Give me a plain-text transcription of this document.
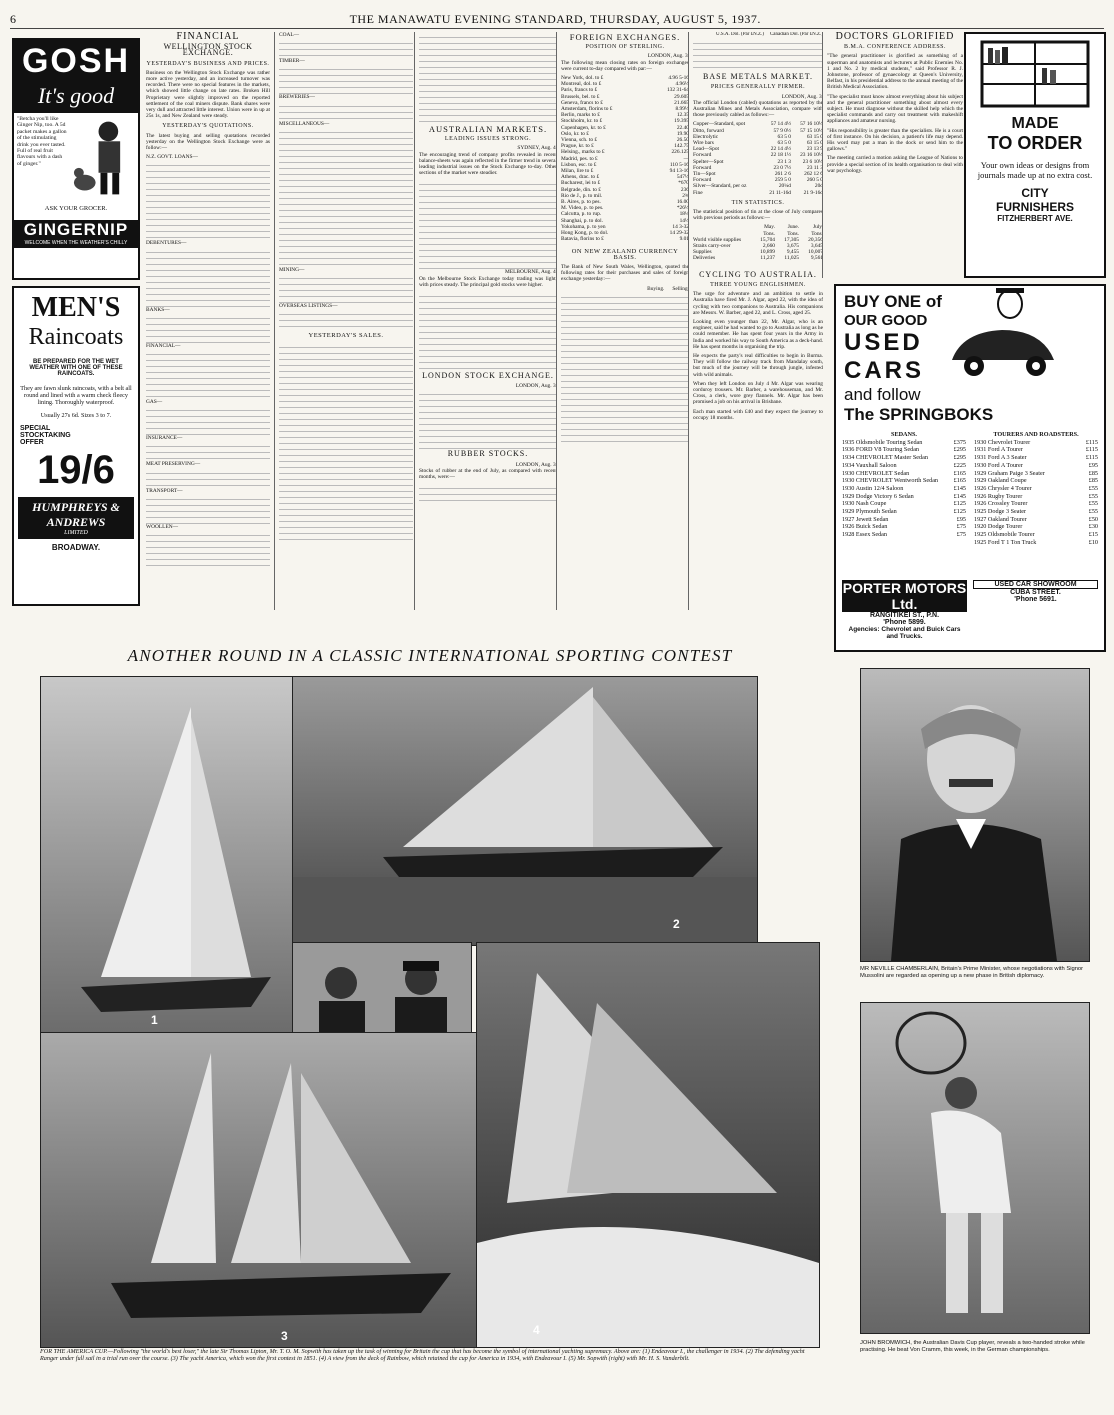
6	THE MANAWATU EVENING STANDARD, THURSDAY, AUGUST 5, 1937.
GOSH
It's good
"Betcha you'll like Ginger Nip, too. A 5d packet makes a gallon of the stimulating drink you ever tasted. Full of real fruit flavours with a dash of ginger."
ASK YOUR GROCER.
GINGERNIP
WELCOME WHEN THE WEATHER'S CHILLY
MEN'S
Raincoats
BE PREPARED FOR THE WET WEATHER WITH ONE OF THESE RAINCOATS.
They are fawn slunk raincoats, with a belt all round and lined with a warm check fleecy lining. Thoroughly waterproof.
Usually 27s 6d. Sizes 3 to 7.
SPECIAL STOCKTAKING OFFER
19/6
HUMPHREYS & ANDREWS
LIMITED
BROADWAY.
FINANCIAL
WELLINGTON STOCK EXCHANGE.
YESTERDAY'S BUSINESS AND PRICES.

Business on the Wellington Stock Exchange was rather more active yesterday, and an increased turnover was recorded. There were no special features in the markets, which showed little change on late rates. Broken Hill Proprietary were slightly improved on the reported settlement of the coal miners dispute. Bank shares were very dull and attracted little interest. Union were in up at 25s 1s, and New Zealand were steady.

YESTERDAY'S QUOTATIONS.

The latest buying and selling quotations recorded yesterday on the Wellington Stock Exchange were as follow:—

N.Z. GOVT. LOANS—
DEBENTURES—
BANKS—
FINANCIAL—
GAS—
INSURANCE—
MEAT PRESERVING—
TRANSPORT—
WOOLLEN—
COAL—
TIMBER—
BREWERIES—
MISCELLANEOUS—
MINING—
OVERSEAS LISTINGS—
YESTERDAY'S SALES.
AUSTRALIAN MARKETS.
LEADING ISSUES STRONG.
SYDNEY, Aug. 4.

The encouraging trend of company profits revealed in recent balance-sheets was again reflected in the firmer trend in several leading industrial issues on the Stock Exchange to-day. Other sections of the market were steadier.

MELBOURNE, Aug. 4.

On the Melbourne Stock Exchange today trading was light, with prices steady. The principal gold stocks were higher.

LONDON STOCK EXCHANGE.
LONDON, Aug. 3.
RUBBER STOCKS.
LONDON, Aug. 3.

Stocks of rubber at the end of July, as compared with recent months, were:—

FOREIGN EXCHANGES.
POSITION OF STERLING.
LONDON, Aug. 3.

The following mean closing rates on foreign exchanges were current to-day compared with par:—

New York, dol. to £	4.96 5-16
Montreal, dol. to £	4.96½
Paris, francs to £	132 31-64
Brussels, bel. to £	29.605
Geneva, francs to £	21.665
Amsterdam, florins to £	8.99½
Berlin, marks to £	12.35
Stockholm, kr. to £	19.395
Copenhagen, kr. to £	22.40
Oslo, kr. to £	19.90
Vienna, sch. to £	26.50
Prague, kr. to £	142.75
Helsing., marks to £	226.125
Madrid, pes. to £	—
Lisbon, esc. to £	110 5-16
Milan, lire to £	94 13-16
Athens, drac. to £	547½
Bucharest, lei to £	*670
Belgrade, din. to £	236
Rio de J., p. to mil.	2¾
B. Aires, p. to pes.	16.00
M. Video, p. to pes.	*26½
Calcutta, p. to rup.	18¼
Shanghai, p. to dol.	14½
Yokohama, p. to yen	14 3-32
Hong Kong, p. to dol.	14 29-32
Batavia, florins to £	9.01
ON NEW ZEALAND CURRENCY BASIS.

The Bank of New South Wales, Wellington, quoted the following rates for their purchases and sales of foreign exchange yesterday:—

Buying. Selling.
U.S.A. Dol. (Par £N.Z.) Canadian Dol. (Par £N.Z.)
BASE METALS MARKET.
PRICES GENERALLY FIRMER.
LONDON, Aug. 3.

The official London (cabled) quotations as reported by the Australian Mines and Metals Association, compare with those previously cabled as follows:—

Copper—Standard, spot	57 14 4½	57 16 10½
Ditto, forward	57 9 0½	57 15 10½
Electrolytic	63 5 0	63 15 0
Wire bars	63 5 0	63 15 0
Lead—Spot	22 14 4½	23 13 9
Forward	22 18 1½	23 16 10½
Spelter—Spot	23 1 3	23 6 10½
Forward	23 0 7½	23 11 3
Tin—Spot	261 2 6	262 12 6
Forward	259 5 0	260 5 0
Silver—Standard, per oz	20¼d	20d
Fine	21 11-16d	21 9-16d
TIN STATISTICS.

The statistical position of tin at the close of July compares with previous periods as follows:—

May. Tons.
June. Tons.
July. Tons.
World visible supplies	15,704	17,305	20,356
Straits carry-over	2,660	3,675	3,645
Supplies	10,899	9,455	10,007
Deliveries	11,237	11,025	9,561
CYCLING TO AUSTRALIA.
THREE YOUNG ENGLISHMEN.

The urge for adventure and an ambition to settle in Australia have fired Mr. J. Algar, aged 22, with the idea of cycling with two companions to Australia. His companions are Messrs. W. Barber, aged 22, and L. Cross, aged 25.

Looking even younger than 22, Mr. Algar, who is an engineer, said he had wanted to go to Australia as long as he could remember. He has spent four years in the Army in India and worked his way to South America as a deck-hand. He has spent months in organising the trip.

He expects the party's real difficulties to begin in Burma. They will follow the railway track from Mandalay south, but much of the journey will be through jungle, infested with wild animals.

When they left London on July 4 Mr. Algar was wearing corduroy trousers. Mr. Barber, a warehouseman, and Mr. Cross, a clerk, wore grey flannels. Mr. Algar has been promised a job on his arrival in Brisbane.

Each man started with £40 and they expect the journey to occupy 18 months.

DOCTORS GLORIFIED
B.M.A. CONFERENCE ADDRESS.

"The general practitioner is glorified as something of a superman and anatomists and lecturers at Public Enemies No. 1 and No. 2 by medical students," said Professor R. J. Johnstone, professor of gynaecology at Queen's University, Belfast, in his presidential address to the annual meeting of the British Medical Association.

"The specialist must know almost everything about his subject and the general practitioner something about almost every subject. He must diagnose without the skilled help which the specialist commands and carry out treatment with makeshift appliances and amateur nursing.

"His responsibility is greater than the specialists. He is a court of first instance. On his decision, a patient's life may depend. His word may put a man in the dock or send him to the gallows."

The meeting carried a motion asking the League of Nations to provide a special section of its health organisation to deal with war psychology.

MADE
TO ORDER
Your own ideas or designs from journals made up at no extra cost.
CITY
FURNISHERS
FITZHERBERT AVE.
BUY ONE of
OUR GOOD
USED
CARS
and follow
The SPRINGBOKS
SEDANS.
1935 Oldsmobile Touring Sedan	£375
1936 FORD V8 Touring Sedan	£295
1934 CHEVROLET Master Sedan	£295
1934 Vauxhall Saloon	£225
1930 CHEVROLET Sedan	£165
1930 CHEVROLET Wentworth Sedan	£165
1930 Austin 12/4 Saloon	£145
1929 Dodge Victory 6 Sedan	£145
1930 Nash Coupe	£125
1929 Plymouth Sedan	£125
1927 Jewett Sedan	£95
1926 Buick Sedan	£75
1928 Essex Sedan	£75
TOURERS AND ROADSTERS.
1930 Chevrolet Tourer	£115
1931 Ford A Tourer	£115
1931 Ford A 3 Seater	£115
1930 Ford A Tourer	£95
1929 Graham Paige 3 Seater	£85
1929 Oakland Coupe	£85
1926 Chrysler 4 Tourer	£55
1926 Rugby Tourer	£55
1926 Crossley Tourer	£55
1925 Dodge 3 Seater	£55
1927 Oakland Tourer	£50
1920 Dodge Tourer	£30
1925 Oldsmobile Tourer	£15
1925 Ford T 1 Ton Truck	£10
PORTER MOTORS Ltd.
RANGITIKEI ST., P.N.
'Phone 5899.
Agencies: Chevrolet and Buick Cars and Trucks.
USED CAR SHOWROOM
CUBA STREET.
'Phone 5691.
ANOTHER ROUND IN A CLASSIC INTERNATIONAL SPORTING CONTEST
1
2
3	4
FOR THE AMERICA CUP.—Following "the world's best loser," the late Sir Thomas Lipton, Mr. T. O. M. Sopwith has taken up the task of winning for Britain the cup that has become the symbol of international yachting supremacy. Above are: (1) Endeavour I., the challenger in 1934. (2) The defending yacht Ranger under full sail in a trial run over the course. (3) The yacht America, which won the first contest in 1851. (4) A view from the deck of Rainbow, which retained the cup for America in 1934, with Endeavour I. (5) Mr. Sopwith (right) with Mr. H. S. Vanderbilt.
MR NEVILLE CHAMBERLAIN, Britain's Prime Minister, whose negotiations with Signor Mussolini are regarded as opening up a new phase in British diplomacy.
JOHN BROMWICH, the Australian Davis Cup player, reveals a two-handed stroke while practising. He beat Von Cramm, this week, in the German championships.
